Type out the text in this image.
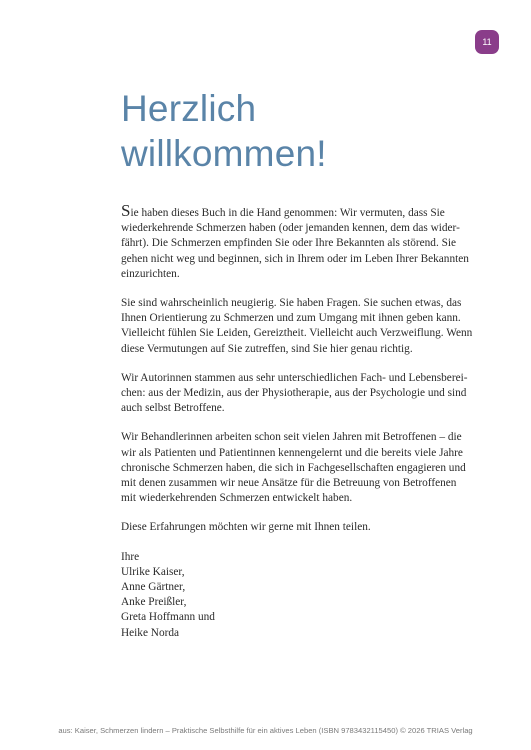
11
Herzlich
willkommen!

Sie haben dieses Buch in die Hand genommen: Wir vermuten, dass Sie
wiederkehrende Schmerzen haben (oder jemanden kennen, dem das wider-
fährt). Die Schmerzen empfinden Sie oder Ihre Bekannten als störend. Sie
gehen nicht weg und beginnen, sich in Ihrem oder im Leben Ihrer Bekannten
einzurichten.

Sie sind wahrscheinlich neugierig. Sie haben Fragen. Sie suchen etwas, das
Ihnen Orientierung zu Schmerzen und zum Umgang mit ihnen geben kann.
Vielleicht fühlen Sie Leiden, Gereiztheit. Vielleicht auch Verzweiflung. Wenn
diese Vermutungen auf Sie zutreffen, sind Sie hier genau richtig.

Wir Autorinnen stammen aus sehr unterschiedlichen Fach- und Lebensberei-
chen: aus der Medizin, aus der Physiotherapie, aus der Psychologie und sind
auch selbst Betroffene.

Wir Behandlerinnen arbeiten schon seit vielen Jahren mit Betroffenen – die
wir als Patienten und Patientinnen kennengelernt und die bereits viele Jahre
chronische Schmerzen haben, die sich in Fachgesellschaften engagieren und
mit denen zusammen wir neue Ansätze für die Betreuung von Betroffenen
mit wiederkehrenden Schmerzen entwickelt haben.

Diese Erfahrungen möchten wir gerne mit Ihnen teilen.

Ihre
Ulrike Kaiser,
Anne Gärtner,
Anke Preißler,
Greta Hoffmann und
Heike Norda

aus: Kaiser, Schmerzen lindern – Praktische Selbsthilfe für ein aktives Leben (ISBN 9783432115450) © 2026 TRIAS Verlag
